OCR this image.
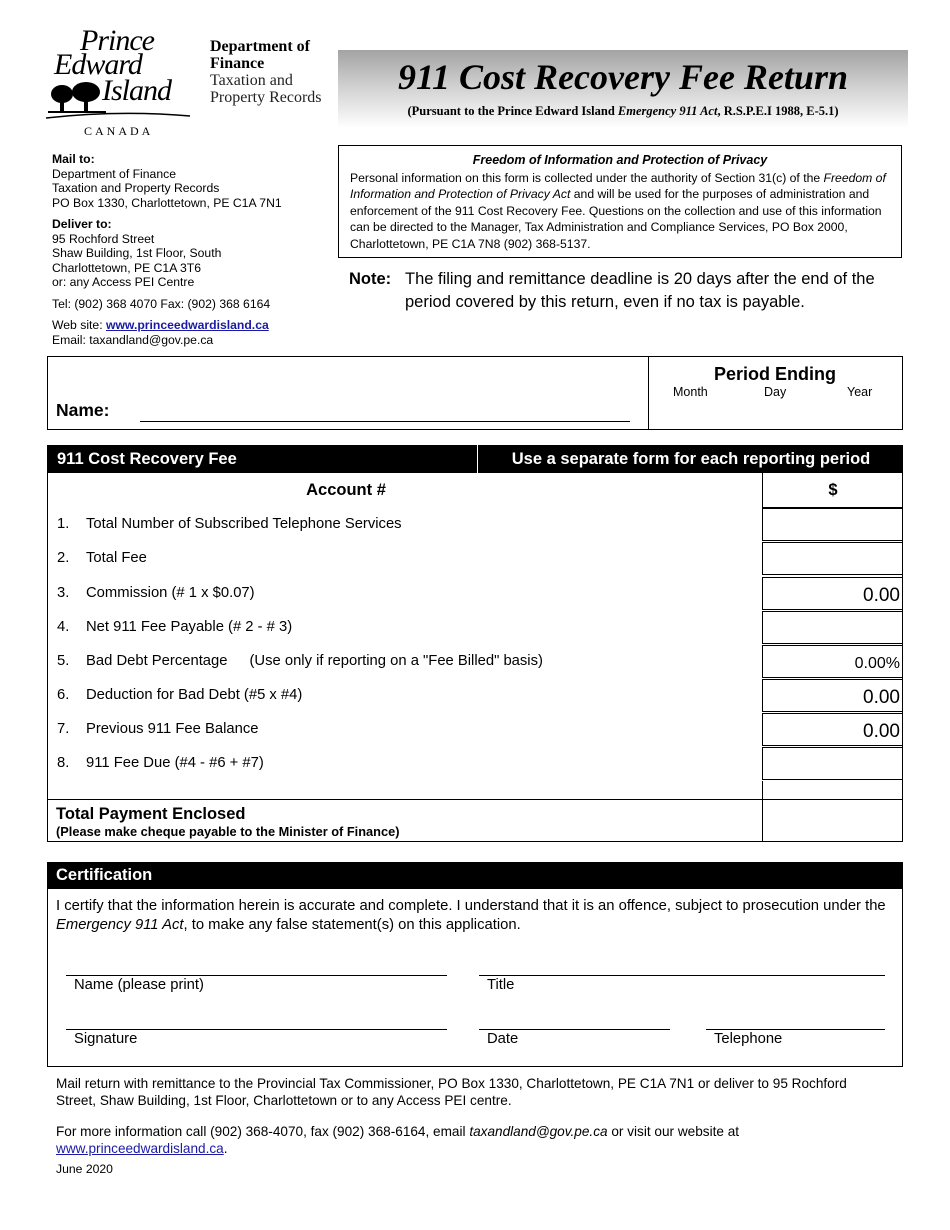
Prince
Edward
Island
CANADA
Department of
Finance
Taxation and
Property Records
911 Cost Recovery Fee Return
(Pursuant to the Prince Edward Island Emergency 911 Act, R.S.P.E.I 1988, E-5.1)
Mail to:
Department of Finance
Taxation and Property Records
PO Box 1330, Charlottetown, PE C1A 7N1
Deliver to:
95 Rochford Street
Shaw Building, 1st Floor, South
Charlottetown, PE C1A 3T6
or: any Access PEI Centre
Tel: (902) 368 4070 Fax: (902) 368 6164
Web site: www.princeedwardisland.ca
Email: taxandland@gov.pe.ca
Freedom of Information and Protection of Privacy
Personal information on this form is collected under the authority of Section 31(c) of the Freedom of Information and Protection of Privacy Act and will be used for the purposes of administration and enforcement of the 911 Cost Recovery Fee. Questions on the collection and use of this information can be directed to the Manager, Tax Administration and Compliance Services, PO Box 2000, Charlottetown, PE C1A 7N8 (902) 368-5137.
Note: The filing and remittance deadline is 20 days after the end of the period covered by this return, even if no tax is payable.
Name:
Period Ending
Month	Day	Year
911 Cost Recovery Fee	Use a separate form for each reporting period
Account #	$
1. Total Number of Subscribed Telephone Services
2. Total Fee
3. Commission (# 1 x $0.07)	0.00
4. Net 911 Fee Payable (# 2 - # 3)
5. Bad Debt Percentage (Use only if reporting on a "Fee Billed" basis)	0.00%
6. Deduction for Bad Debt (#5 x #4)	0.00
7. Previous 911 Fee Balance	0.00
8. 911 Fee Due (#4 - #6 + #7)
Total Payment Enclosed
(Please make cheque payable to the Minister of Finance)
Certification
I certify that the information herein is accurate and complete. I understand that it is an offence, subject to prosecution under the Emergency 911 Act, to make any false statement(s) on this application.
Name (please print)	Title
Signature	Date	Telephone
Mail return with remittance to the Provincial Tax Commissioner, PO Box 1330, Charlottetown, PE C1A 7N1 or deliver to 95 Rochford Street, Shaw Building, 1st Floor, Charlottetown or to any Access PEI centre.
For more information call (902) 368-4070, fax (902) 368-6164, email taxandland@gov.pe.ca or visit our website at www.princeedwardisland.ca.
June 2020
